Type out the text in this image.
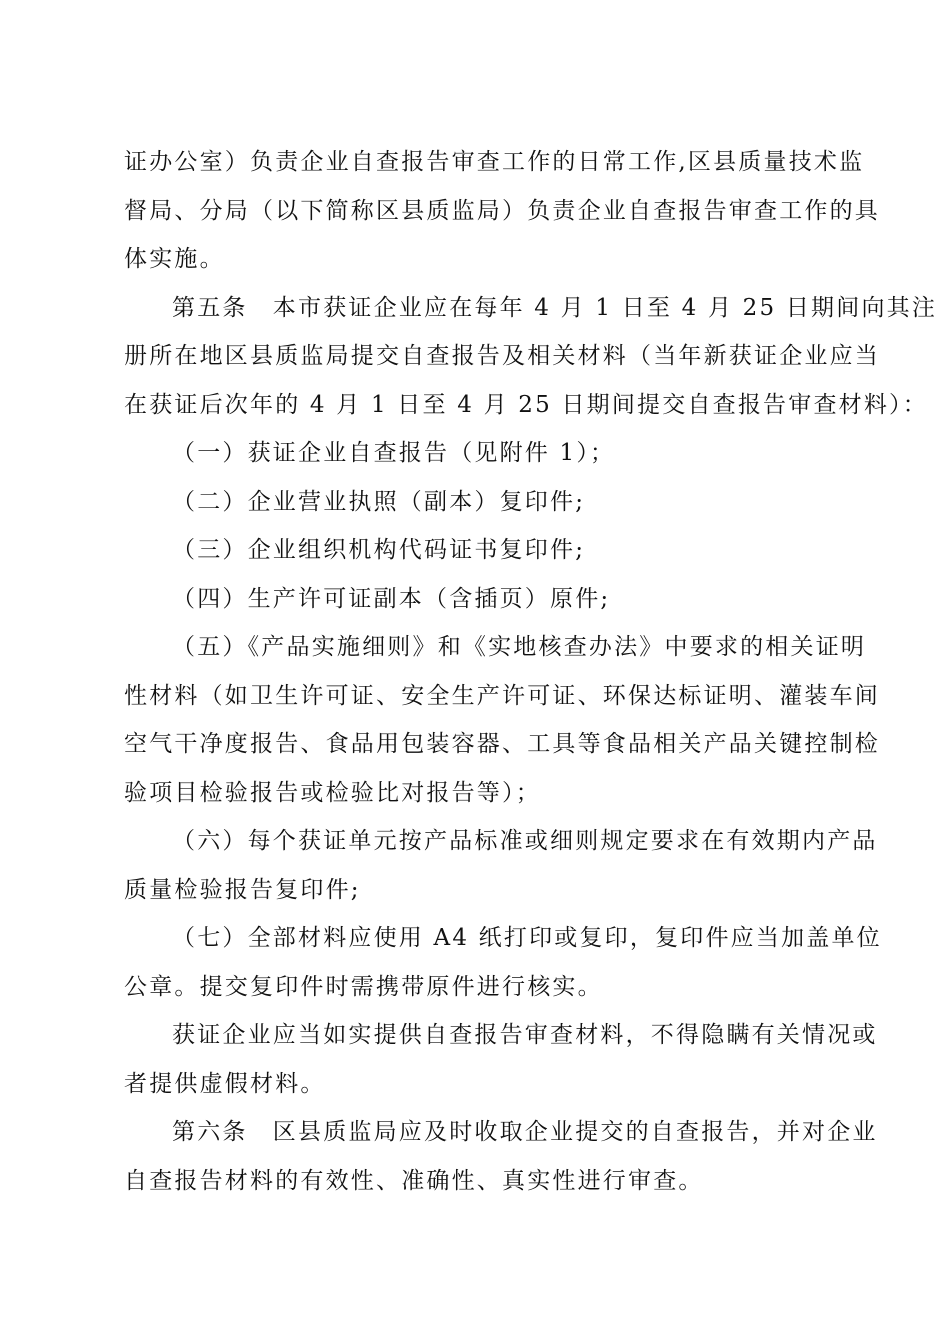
证办公室）负责企业自查报告审查工作的日常工作,区县质量技术监
督局、分局（以下简称区县质监局）负责企业自查报告审查工作的具
体实施。
第五条　本市获证企业应在每年 4 月 1 日至 4 月 25 日期间向其注
册所在地区县质监局提交自查报告及相关材料（当年新获证企业应当
在获证后次年的 4 月 1 日至 4 月 25 日期间提交自查报告审查材料）：
（一）获证企业自查报告（见附件 1）；
（二）企业营业执照（副本）复印件;
（三）企业组织机构代码证书复印件;
（四）生产许可证副本（含插页）原件;
（五）《产品实施细则》和《实地核查办法》中要求的相关证明
性材料（如卫生许可证、安全生产许可证、环保达标证明、灌装车间
空气干净度报告、食品用包装容器、工具等食品相关产品关键控制检
验项目检验报告或检验比对报告等）；
（六）每个获证单元按产品标准或细则规定要求在有效期内产品
质量检验报告复印件;
（七）全部材料应使用 A4 纸打印或复印，复印件应当加盖单位
公章。提交复印件时需携带原件进行核实。
获证企业应当如实提供自查报告审查材料，不得隐瞒有关情况或
者提供虚假材料。
第六条　区县质监局应及时收取企业提交的自查报告，并对企业
自查报告材料的有效性、准确性、真实性进行审查。
